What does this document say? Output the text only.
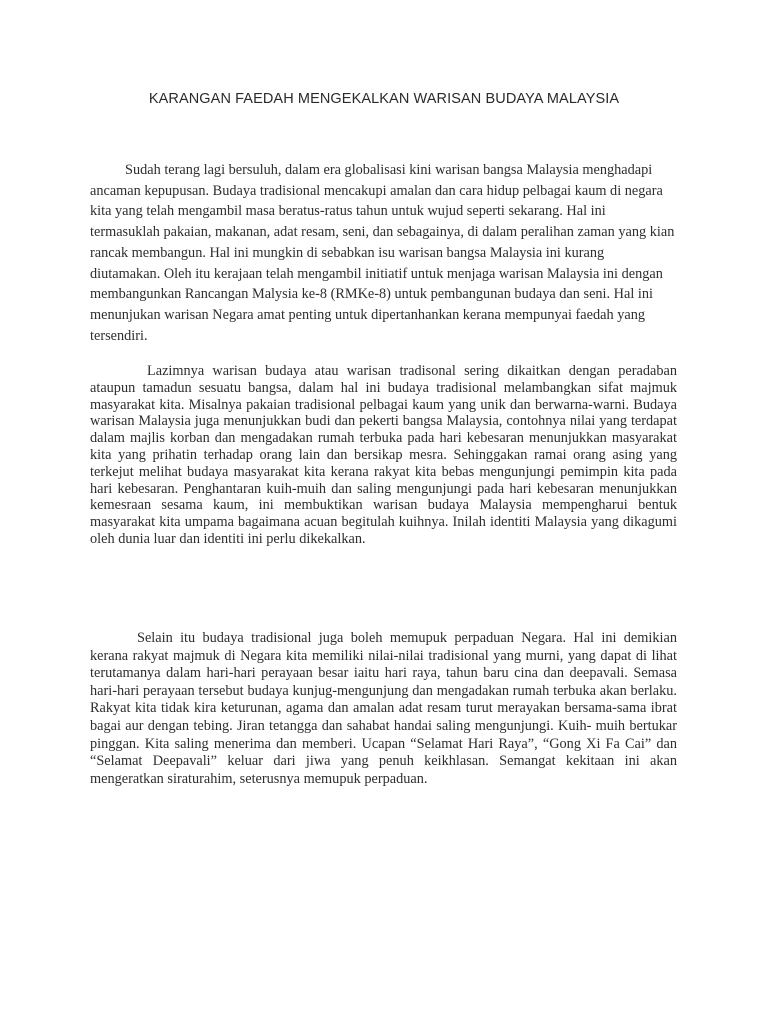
KARANGAN FAEDAH MENGEKALKAN WARISAN BUDAYA MALAYSIA

Sudah terang lagi bersuluh, dalam era globalisasi kini warisan bangsa Malaysia menghadapi ancaman kepupusan. Budaya tradisional mencakupi amalan dan cara hidup pelbagai kaum di negara kita yang telah mengambil masa beratus-ratus tahun untuk wujud seperti sekarang. Hal ini termasuklah pakaian, makanan, adat resam, seni, dan sebagainya, di dalam peralihan zaman yang kian rancak membangun. Hal ini mungkin di sebabkan isu warisan bangsa Malaysia ini kurang diutamakan. Oleh itu kerajaan telah mengambil initiatif untuk menjaga warisan Malaysia ini dengan membangunkan Rancangan Malysia ke-8 (RMKe-8) untuk pembangunan budaya dan seni. Hal ini menunjukan warisan Negara amat penting untuk dipertanhankan kerana mempunyai faedah yang tersendiri.

Lazimnya warisan budaya atau warisan tradisonal sering dikaitkan dengan peradaban ataupun tamadun sesuatu bangsa, dalam hal ini budaya tradisional melambangkan sifat majmuk masyarakat kita. Misalnya pakaian tradisional pelbagai kaum yang unik dan berwarna-warni. Budaya warisan Malaysia juga menunjukkan budi dan pekerti bangsa Malaysia, contohnya nilai yang terdapat dalam majlis korban dan mengadakan rumah terbuka pada hari kebesaran menunjukkan masyarakat kita yang prihatin terhadap orang lain dan bersikap mesra. Sehinggakan ramai orang asing yang terkejut melihat budaya masyarakat kita kerana rakyat kita bebas mengunjungi pemimpin kita pada hari kebesaran. Penghantaran kuih-muih dan saling mengunjungi pada hari kebesaran menunjukkan kemesraan sesama kaum, ini membuktikan warisan budaya Malaysia mempengharui bentuk masyarakat kita umpama bagaimana acuan begitulah kuihnya. Inilah identiti Malaysia yang dikagumi oleh dunia luar dan identiti ini perlu dikekalkan.

Selain itu budaya tradisional juga boleh memupuk perpaduan Negara. Hal ini demikian kerana rakyat majmuk di Negara kita memiliki nilai-nilai tradisional yang murni, yang dapat di lihat terutamanya dalam hari-hari perayaan besar iaitu hari raya, tahun baru cina dan deepavali. Semasa hari-hari perayaan tersebut budaya kunjug-mengunjung dan mengadakan rumah terbuka akan berlaku. Rakyat kita tidak kira keturunan, agama dan amalan adat resam turut merayakan bersama-sama ibrat bagai aur dengan tebing. Jiran tetangga dan sahabat handai saling mengunjungi. Kuih- muih bertukar pinggan. Kita saling menerima dan memberi. Ucapan “Selamat Hari Raya”, “Gong Xi Fa Cai” dan “Selamat Deepavali” keluar dari jiwa yang penuh keikhlasan. Semangat kekitaan ini akan mengeratkan siraturahim, seterusnya memupuk perpaduan.
